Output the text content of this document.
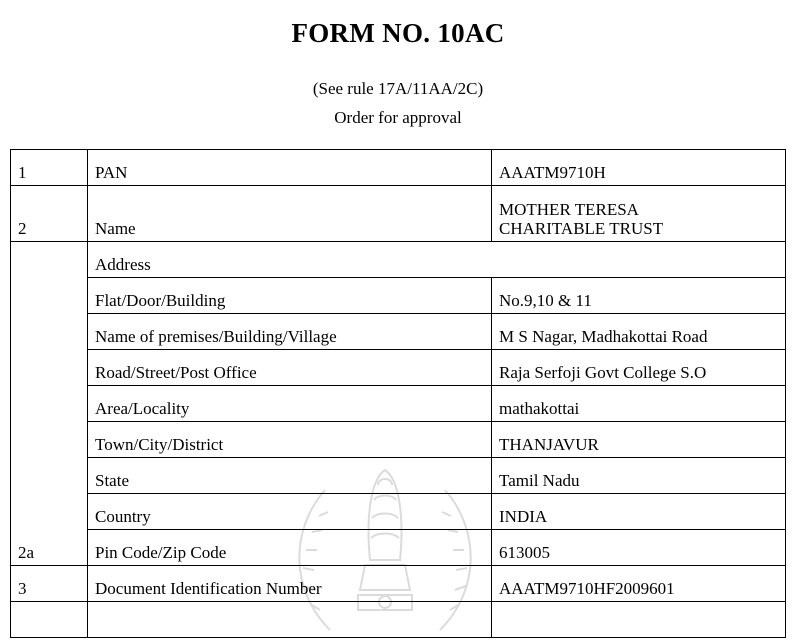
FORM NO. 10AC
(See rule 17A/11AA/2C)
Order for approval
1	PAN	AAATM9710H
2	Name	MOTHER TERESA
CHARITABLE TRUST

2a	Address	
	Flat/Door/Building	No.9,10 & 11
	Name of premises/Building/Village	M S Nagar, Madhakottai Road
	Road/Street/Post Office	Raja Serfoji Govt College S.O
	Area/Locality	mathakottai
	Town/City/District	THANJAVUR
	State	Tamil Nadu
	Country	INDIA
	Pin Code/Zip Code	613005
3	Document Identification Number	AAATM9710HF2009601
